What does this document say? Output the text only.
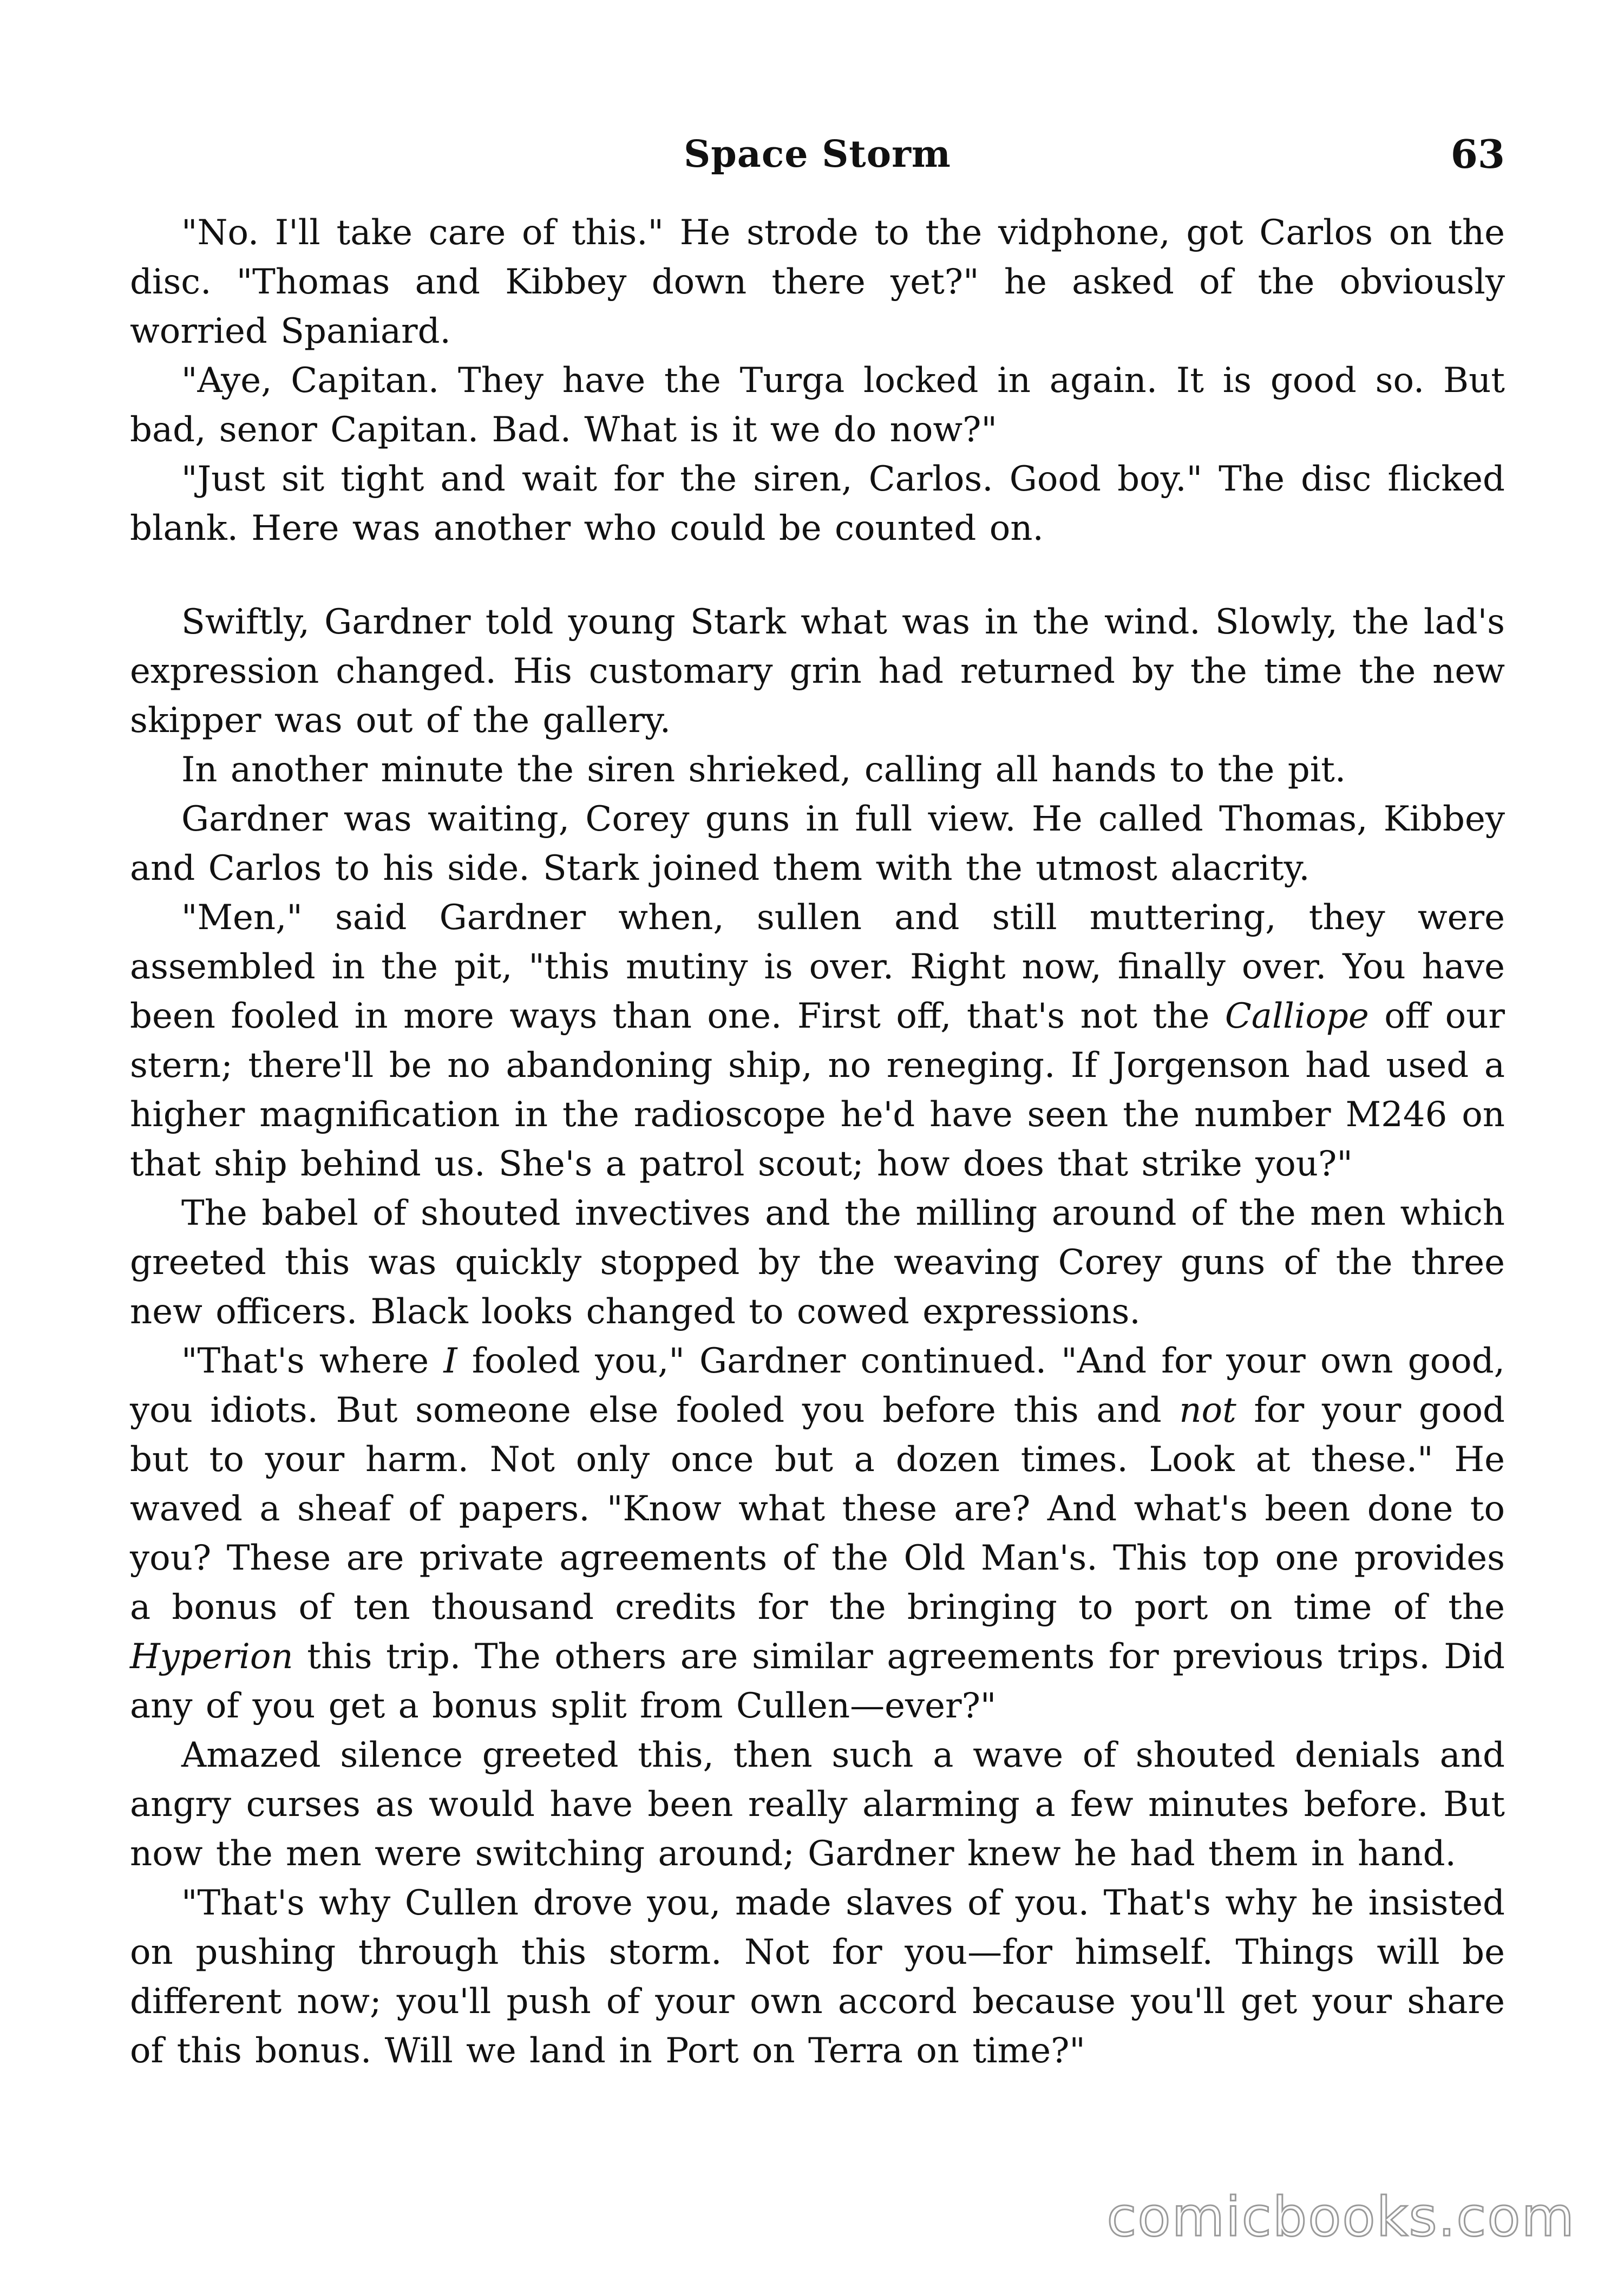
Space Storm	63

"No. I'll take care of this." He strode to the vidphone, got Carlos on the disc. "Thomas and Kibbey down there yet?" he asked of the obviously worried Spaniard.

"Aye, Capitan. They have the Turga locked in again. It is good so. But bad, senor Capitan. Bad. What is it we do now?"

"Just sit tight and wait for the siren, Carlos. Good boy." The disc flicked blank. Here was another who could be counted on.

Swiftly, Gardner told young Stark what was in the wind. Slowly, the lad's expression changed. His customary grin had returned by the time the new skipper was out of the gallery.

In another minute the siren shrieked, calling all hands to the pit.

Gardner was waiting, Corey guns in full view. He called Thomas, Kibbey and Carlos to his side. Stark joined them with the utmost alacrity.

"Men," said Gardner when, sullen and still muttering, they were assembled in the pit, "this mutiny is over. Right now, finally over. You have been fooled in more ways than one. First off, that's not the Calliope off our stern; there'll be no abandoning ship, no reneging. If Jorgenson had used a higher magnification in the radioscope he'd have seen the number M246 on that ship behind us. She's a patrol scout; how does that strike you?"

The babel of shouted invectives and the milling around of the men which greeted this was quickly stopped by the weaving Corey guns of the three new officers. Black looks changed to cowed expressions.

"That's where I fooled you," Gardner continued. "And for your own good, you idiots. But someone else fooled you before this and not for your good but to your harm. Not only once but a dozen times. Look at these." He waved a sheaf of papers. "Know what these are? And what's been done to you? These are private agreements of the Old Man's. This top one provides a bonus of ten thousand credits for the bringing to port on time of the Hyperion this trip. The others are similar agreements for previous trips. Did any of you get a bonus split from Cullen—ever?"

Amazed silence greeted this, then such a wave of shouted denials and angry curses as would have been really alarming a few minutes before. But now the men were switching around; Gardner knew he had them in hand.

"That's why Cullen drove you, made slaves of you. That's why he insisted on pushing through this storm. Not for you—for himself. Things will be different now; you'll push of your own accord because you'll get your share of this bonus. Will we land in Port on Terra on time?"

comicbooks.com
